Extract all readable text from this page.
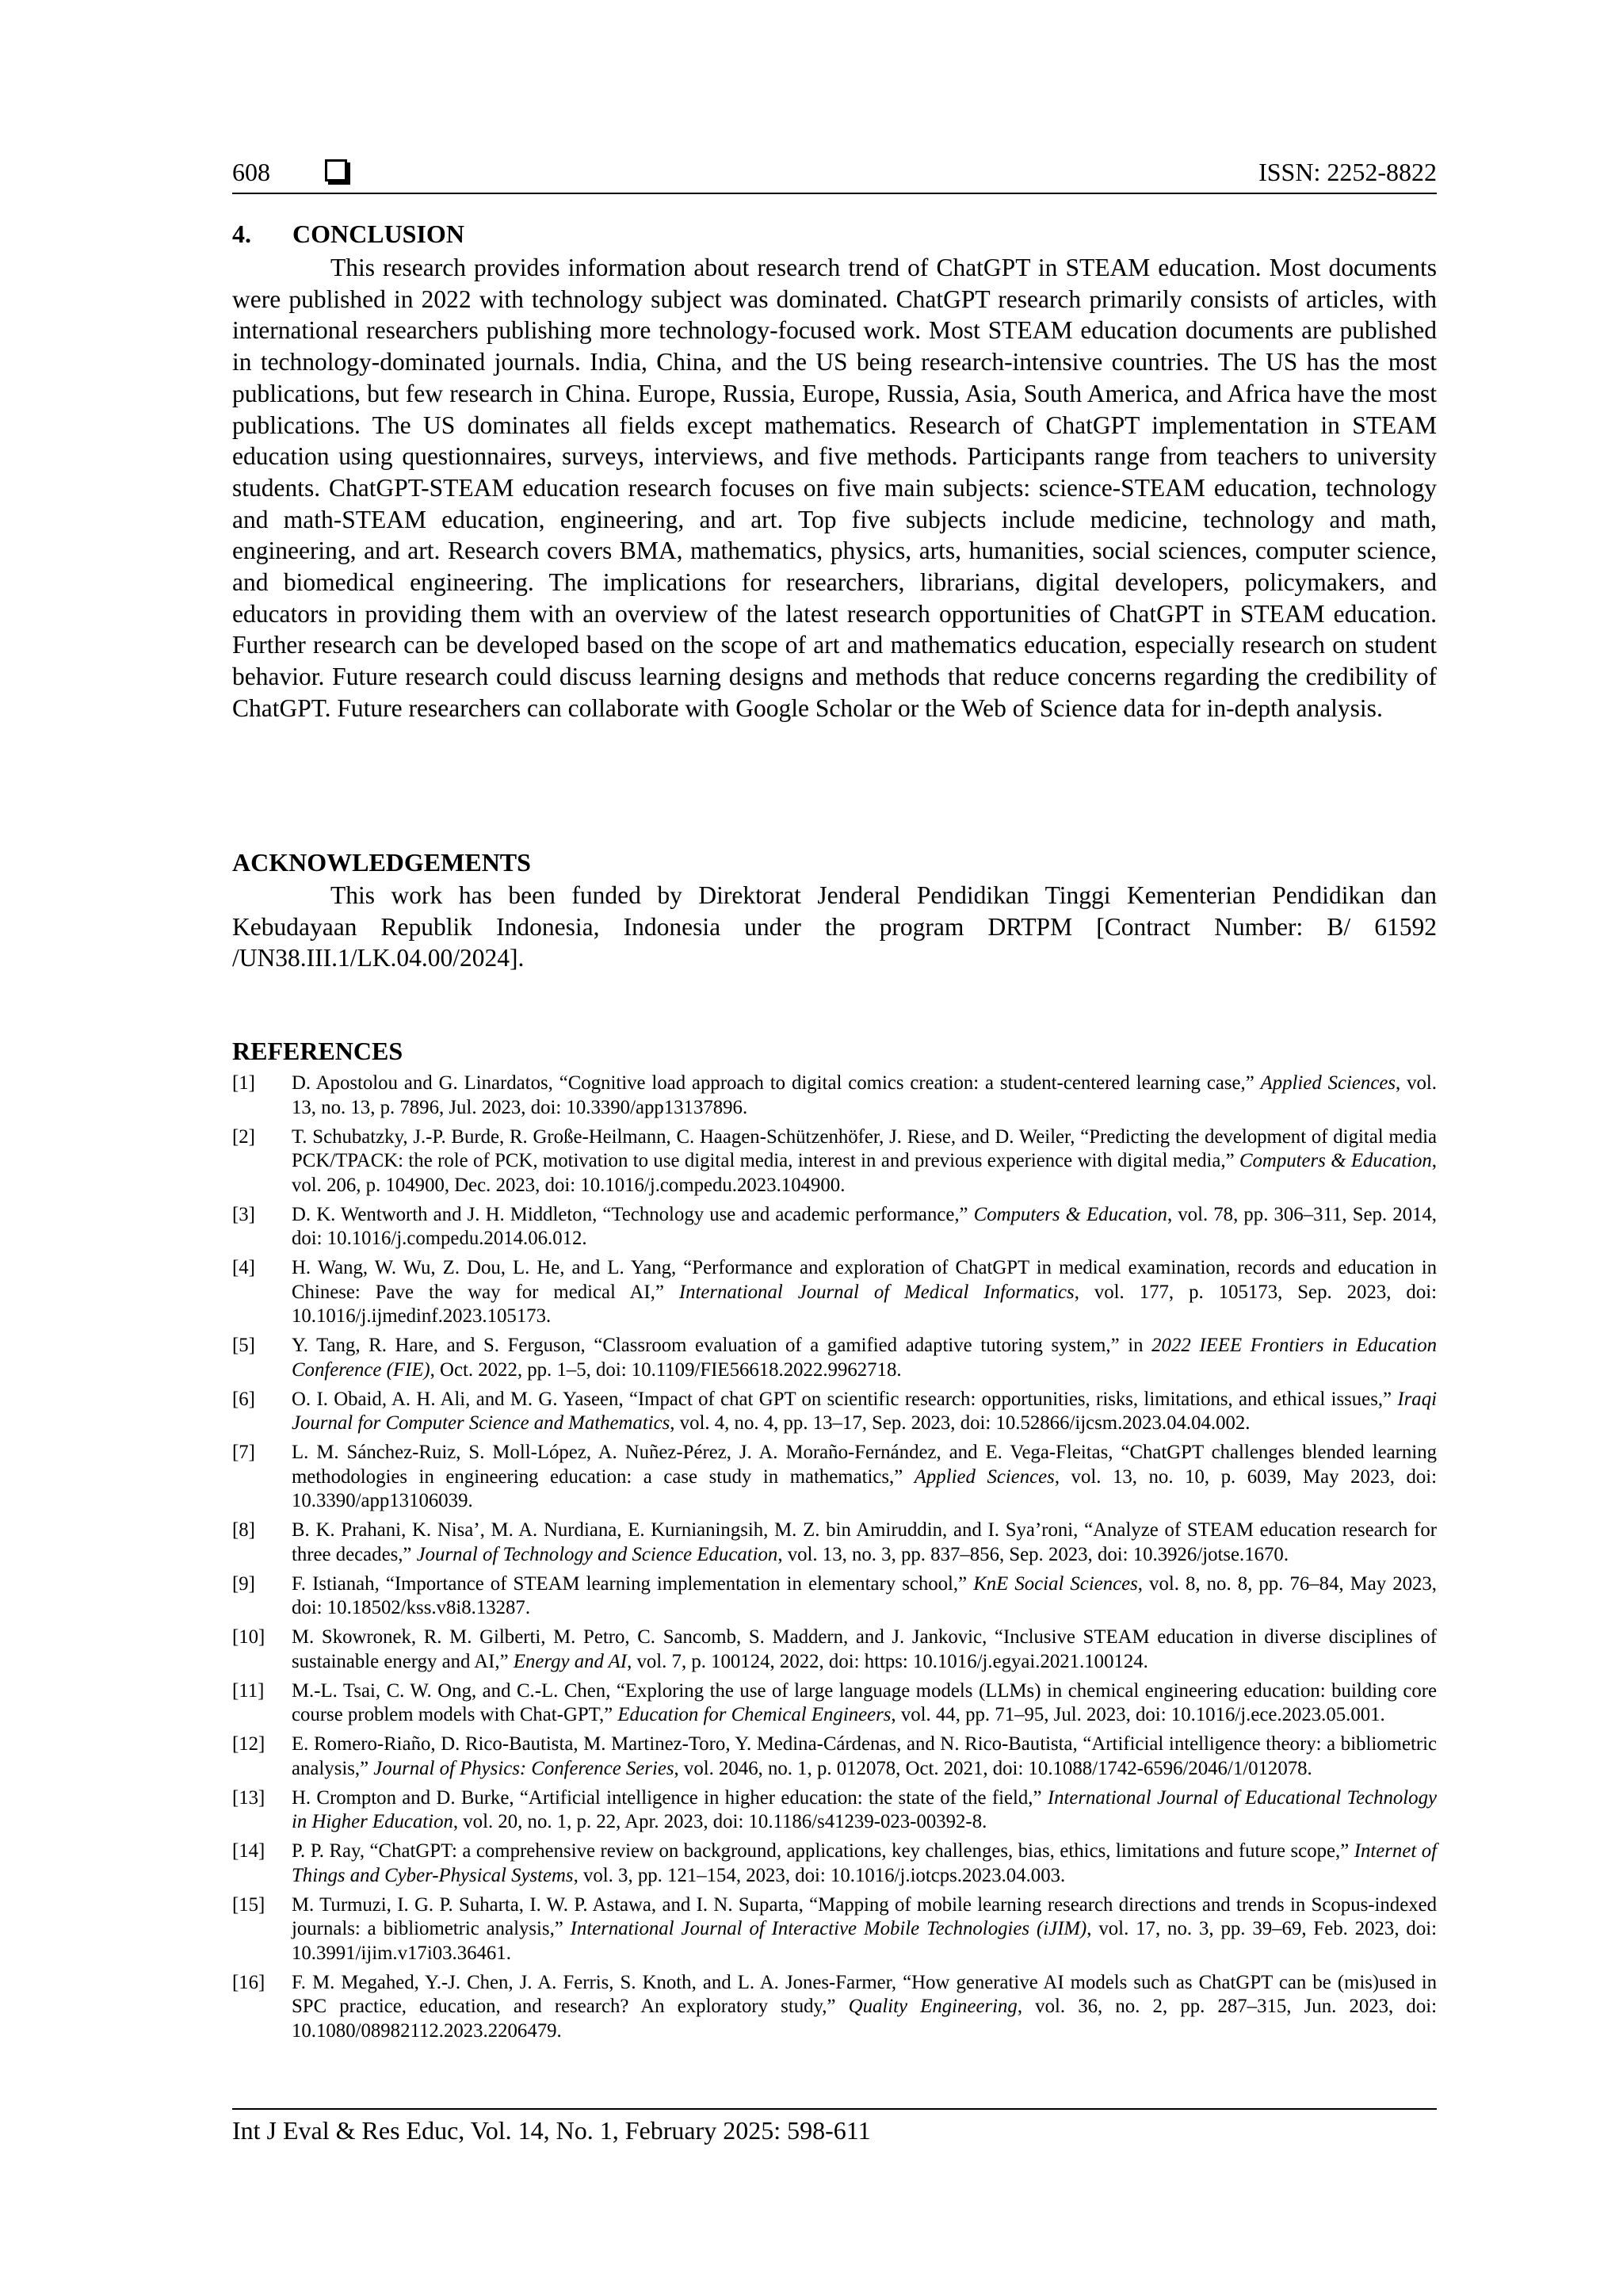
608	ISSN: 2252-8822
4. CONCLUSION

This research provides information about research trend of ChatGPT in STEAM education. Most documents were published in 2022 with technology subject was dominated. ChatGPT research primarily consists of articles, with international researchers publishing more technology-focused work. Most STEAM education documents are published in technology-dominated journals. India, China, and the US being research-intensive countries. The US has the most publications, but few research in China. Europe, Russia, Europe, Russia, Asia, South America, and Africa have the most publications. The US dominates all fields except mathematics. Research of ChatGPT implementation in STEAM education using questionnaires, surveys, interviews, and five methods. Participants range from teachers to university students. ChatGPT-STEAM education research focuses on five main subjects: science-STEAM education, technology and math-STEAM education, engineering, and art. Top five subjects include medicine, technology and math, engineering, and art. Research covers BMA, mathematics, physics, arts, humanities, social sciences, computer science, and biomedical engineering. The implications for researchers, librarians, digital developers, policymakers, and educators in providing them with an overview of the latest research opportunities of ChatGPT in STEAM education. Further research can be developed based on the scope of art and mathematics education, especially research on student behavior. Future research could discuss learning designs and methods that reduce concerns regarding the credibility of ChatGPT. Future researchers can collaborate with Google Scholar or the Web of Science data for in-depth analysis.

ACKNOWLEDGEMENTS

This work has been funded by Direktorat Jenderal Pendidikan Tinggi Kementerian Pendidikan dan Kebudayaan Republik Indonesia, Indonesia under the program DRTPM [Contract Number: B/ 61592 /UN38.III.1/LK.04.00/2024].

REFERENCES

[1] D. Apostolou and G. Linardatos, “Cognitive load approach to digital comics creation: a student-centered learning case,” Applied Sciences, vol. 13, no. 13, p. 7896, Jul. 2023, doi: 10.3390/app13137896.

[2] T. Schubatzky, J.-P. Burde, R. Große-Heilmann, C. Haagen-Schützenhöfer, J. Riese, and D. Weiler, “Predicting the development of digital media PCK/TPACK: the role of PCK, motivation to use digital media, interest in and previous experience with digital media,” Computers & Education, vol. 206, p. 104900, Dec. 2023, doi: 10.1016/j.compedu.2023.104900.

[3] D. K. Wentworth and J. H. Middleton, “Technology use and academic performance,” Computers & Education, vol. 78, pp. 306–311, Sep. 2014, doi: 10.1016/j.compedu.2014.06.012.

[4] H. Wang, W. Wu, Z. Dou, L. He, and L. Yang, “Performance and exploration of ChatGPT in medical examination, records and education in Chinese: Pave the way for medical AI,” International Journal of Medical Informatics, vol. 177, p. 105173, Sep. 2023, doi: 10.1016/j.ijmedinf.2023.105173.

[5] Y. Tang, R. Hare, and S. Ferguson, “Classroom evaluation of a gamified adaptive tutoring system,” in 2022 IEEE Frontiers in Education Conference (FIE), Oct. 2022, pp. 1–5, doi: 10.1109/FIE56618.2022.9962718.

[6] O. I. Obaid, A. H. Ali, and M. G. Yaseen, “Impact of chat GPT on scientific research: opportunities, risks, limitations, and ethical issues,” Iraqi Journal for Computer Science and Mathematics, vol. 4, no. 4, pp. 13–17, Sep. 2023, doi: 10.52866/ijcsm.2023.04.04.002.

[7] L. M. Sánchez-Ruiz, S. Moll-López, A. Nuñez-Pérez, J. A. Moraño-Fernández, and E. Vega-Fleitas, “ChatGPT challenges blended learning methodologies in engineering education: a case study in mathematics,” Applied Sciences, vol. 13, no. 10, p. 6039, May 2023, doi: 10.3390/app13106039.

[8] B. K. Prahani, K. Nisa’, M. A. Nurdiana, E. Kurnianingsih, M. Z. bin Amiruddin, and I. Sya’roni, “Analyze of STEAM education research for three decades,” Journal of Technology and Science Education, vol. 13, no. 3, pp. 837–856, Sep. 2023, doi: 10.3926/jotse.1670.

[9] F. Istianah, “Importance of STEAM learning implementation in elementary school,” KnE Social Sciences, vol. 8, no. 8, pp. 76–84, May 2023, doi: 10.18502/kss.v8i8.13287.

[10] M. Skowronek, R. M. Gilberti, M. Petro, C. Sancomb, S. Maddern, and J. Jankovic, “Inclusive STEAM education in diverse disciplines of sustainable energy and AI,” Energy and AI, vol. 7, p. 100124, 2022, doi: https: 10.1016/j.egyai.2021.100124.

[11] M.-L. Tsai, C. W. Ong, and C.-L. Chen, “Exploring the use of large language models (LLMs) in chemical engineering education: building core course problem models with Chat-GPT,” Education for Chemical Engineers, vol. 44, pp. 71–95, Jul. 2023, doi: 10.1016/j.ece.2023.05.001.

[12] E. Romero-Riaño, D. Rico-Bautista, M. Martinez-Toro, Y. Medina-Cárdenas, and N. Rico-Bautista, “Artificial intelligence theory: a bibliometric analysis,” Journal of Physics: Conference Series, vol. 2046, no. 1, p. 012078, Oct. 2021, doi: 10.1088/1742-6596/2046/1/012078.

[13] H. Crompton and D. Burke, “Artificial intelligence in higher education: the state of the field,” International Journal of Educational Technology in Higher Education, vol. 20, no. 1, p. 22, Apr. 2023, doi: 10.1186/s41239-023-00392-8.

[14] P. P. Ray, “ChatGPT: a comprehensive review on background, applications, key challenges, bias, ethics, limitations and future scope,” Internet of Things and Cyber-Physical Systems, vol. 3, pp. 121–154, 2023, doi: 10.1016/j.iotcps.2023.04.003.

[15] M. Turmuzi, I. G. P. Suharta, I. W. P. Astawa, and I. N. Suparta, “Mapping of mobile learning research directions and trends in Scopus-indexed journals: a bibliometric analysis,” International Journal of Interactive Mobile Technologies (iJIM), vol. 17, no. 3, pp. 39–69, Feb. 2023, doi: 10.3991/ijim.v17i03.36461.

[16] F. M. Megahed, Y.-J. Chen, J. A. Ferris, S. Knoth, and L. A. Jones-Farmer, “How generative AI models such as ChatGPT can be (mis)used in SPC practice, education, and research? An exploratory study,” Quality Engineering, vol. 36, no. 2, pp. 287–315, Jun. 2023, doi: 10.1080/08982112.2023.2206479.

Int J Eval & Res Educ, Vol. 14, No. 1, February 2025: 598-611
